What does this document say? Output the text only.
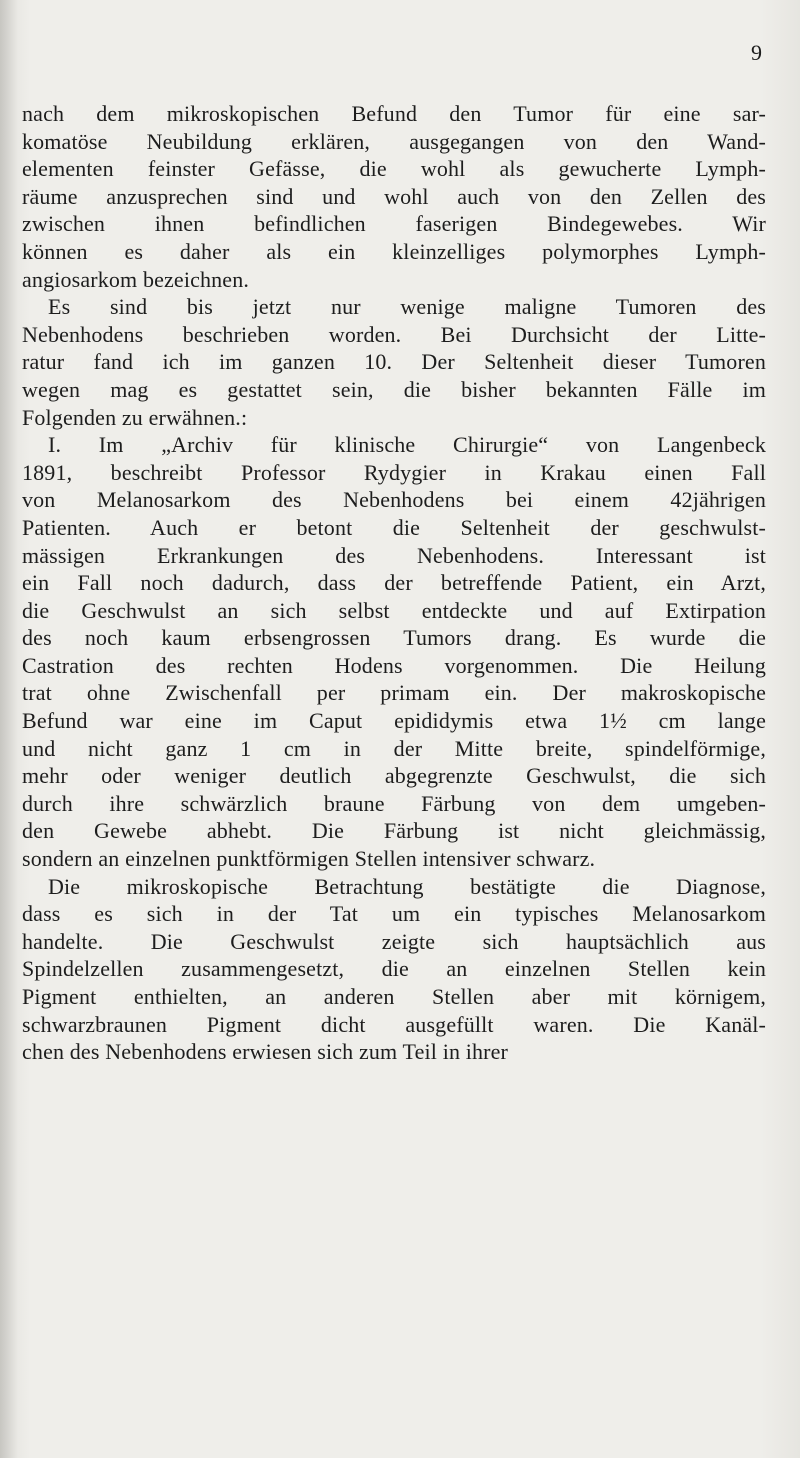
9
nach dem mikroskopischen Befund den Tumor für eine sar-
komatöse Neubildung erklären, ausgegangen von den Wand-
elementen feinster Gefässe, die wohl als gewucherte Lymph-
räume anzusprechen sind und wohl auch von den Zellen des
zwischen ihnen befindlichen faserigen Bindegewebes. Wir
können es daher als ein kleinzelliges polymorphes Lymph-
angiosarkom bezeichnen.
Es sind bis jetzt nur wenige maligne Tumoren des
Nebenhodens beschrieben worden. Bei Durchsicht der Litte-
ratur fand ich im ganzen 10. Der Seltenheit dieser Tumoren
wegen mag es gestattet sein, die bisher bekannten Fälle im
Folgenden zu erwähnen.:
I. Im „Archiv für klinische Chirurgie“ von Langenbeck
1891, beschreibt Professor Rydygier in Krakau einen Fall
von Melanosarkom des Nebenhodens bei einem 42jährigen
Patienten. Auch er betont die Seltenheit der geschwulst-
mässigen Erkrankungen des Nebenhodens. Interessant ist
ein Fall noch dadurch, dass der betreffende Patient, ein Arzt,
die Geschwulst an sich selbst entdeckte und auf Extirpation
des noch kaum erbsengrossen Tumors drang. Es wurde die
Castration des rechten Hodens vorgenommen. Die Heilung
trat ohne Zwischenfall per primam ein. Der makroskopische
Befund war eine im Caput epididymis etwa 1½ cm lange
und nicht ganz 1 cm in der Mitte breite, spindelförmige,
mehr oder weniger deutlich abgegrenzte Geschwulst, die sich
durch ihre schwärzlich braune Färbung von dem umgeben-
den Gewebe abhebt. Die Färbung ist nicht gleichmässig,
sondern an einzelnen punktförmigen Stellen intensiver schwarz.
Die mikroskopische Betrachtung bestätigte die Diagnose,
dass es sich in der Tat um ein typisches Melanosarkom
handelte. Die Geschwulst zeigte sich hauptsächlich aus
Spindelzellen zusammengesetzt, die an einzelnen Stellen kein
Pigment enthielten, an anderen Stellen aber mit körnigem,
schwarzbraunen Pigment dicht ausgefüllt waren. Die Kanäl-
chen des Nebenhodens erwiesen sich zum Teil in ihrer
